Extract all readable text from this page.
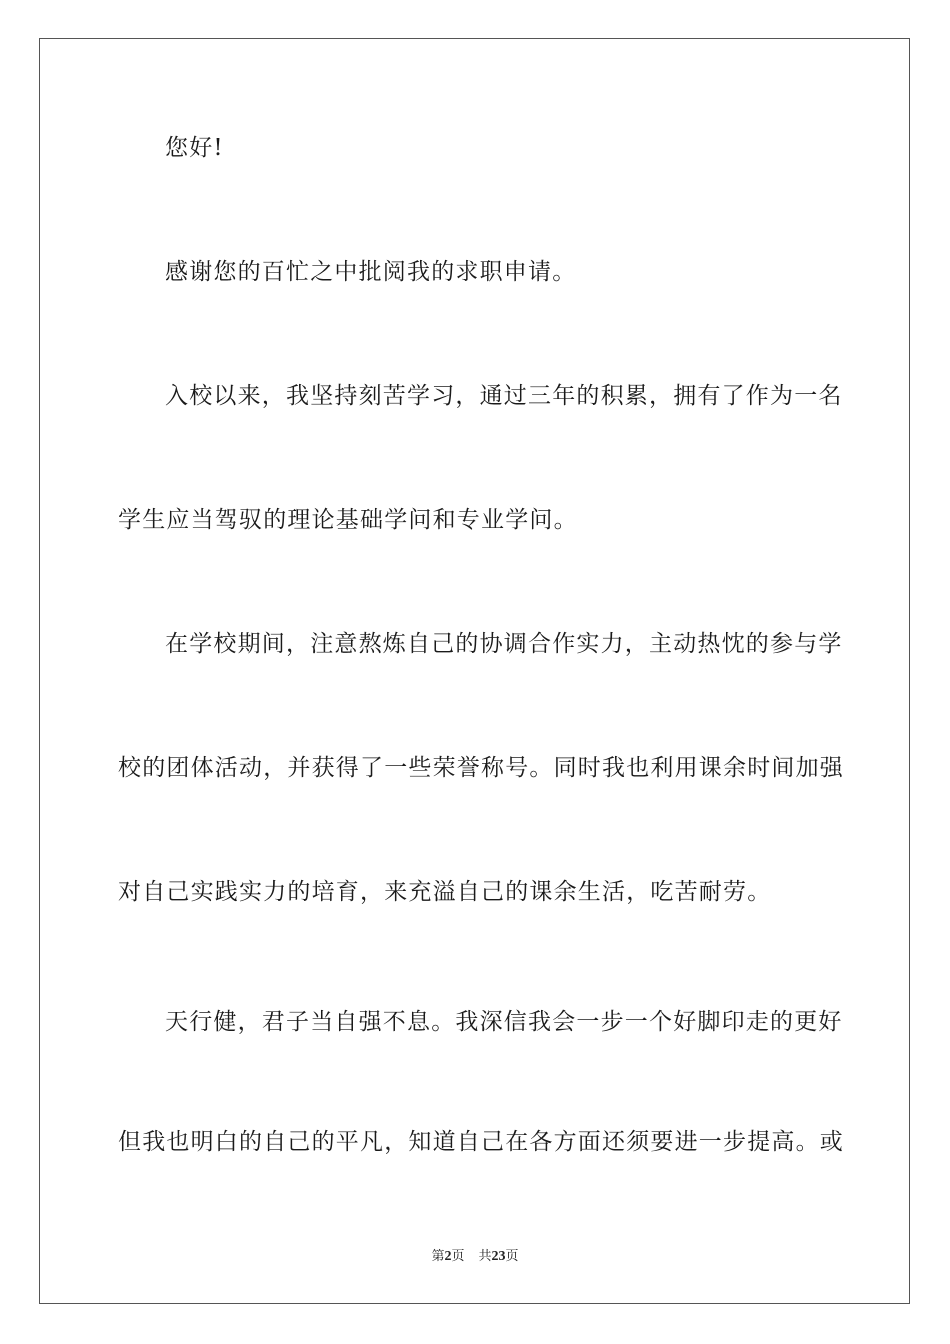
您好!
感谢您的百忙之中批阅我的求职申请。
入校以来，我坚持刻苦学习，通过三年的积累，拥有了作为一名
学生应当驾驭的理论基础学问和专业学问。
在学校期间，注意熬炼自己的协调合作实力，主动热忱的参与学
校的团体活动，并获得了一些荣誉称号。同时我也利用课余时间加强
对自己实践实力的培育，来充溢自己的课余生活，吃苦耐劳。
天行健，君子当自强不息。我深信我会一步一个好脚印走的更好
但我也明白的自己的平凡，知道自己在各方面还须要进一步提高。或
第2页 共23页
